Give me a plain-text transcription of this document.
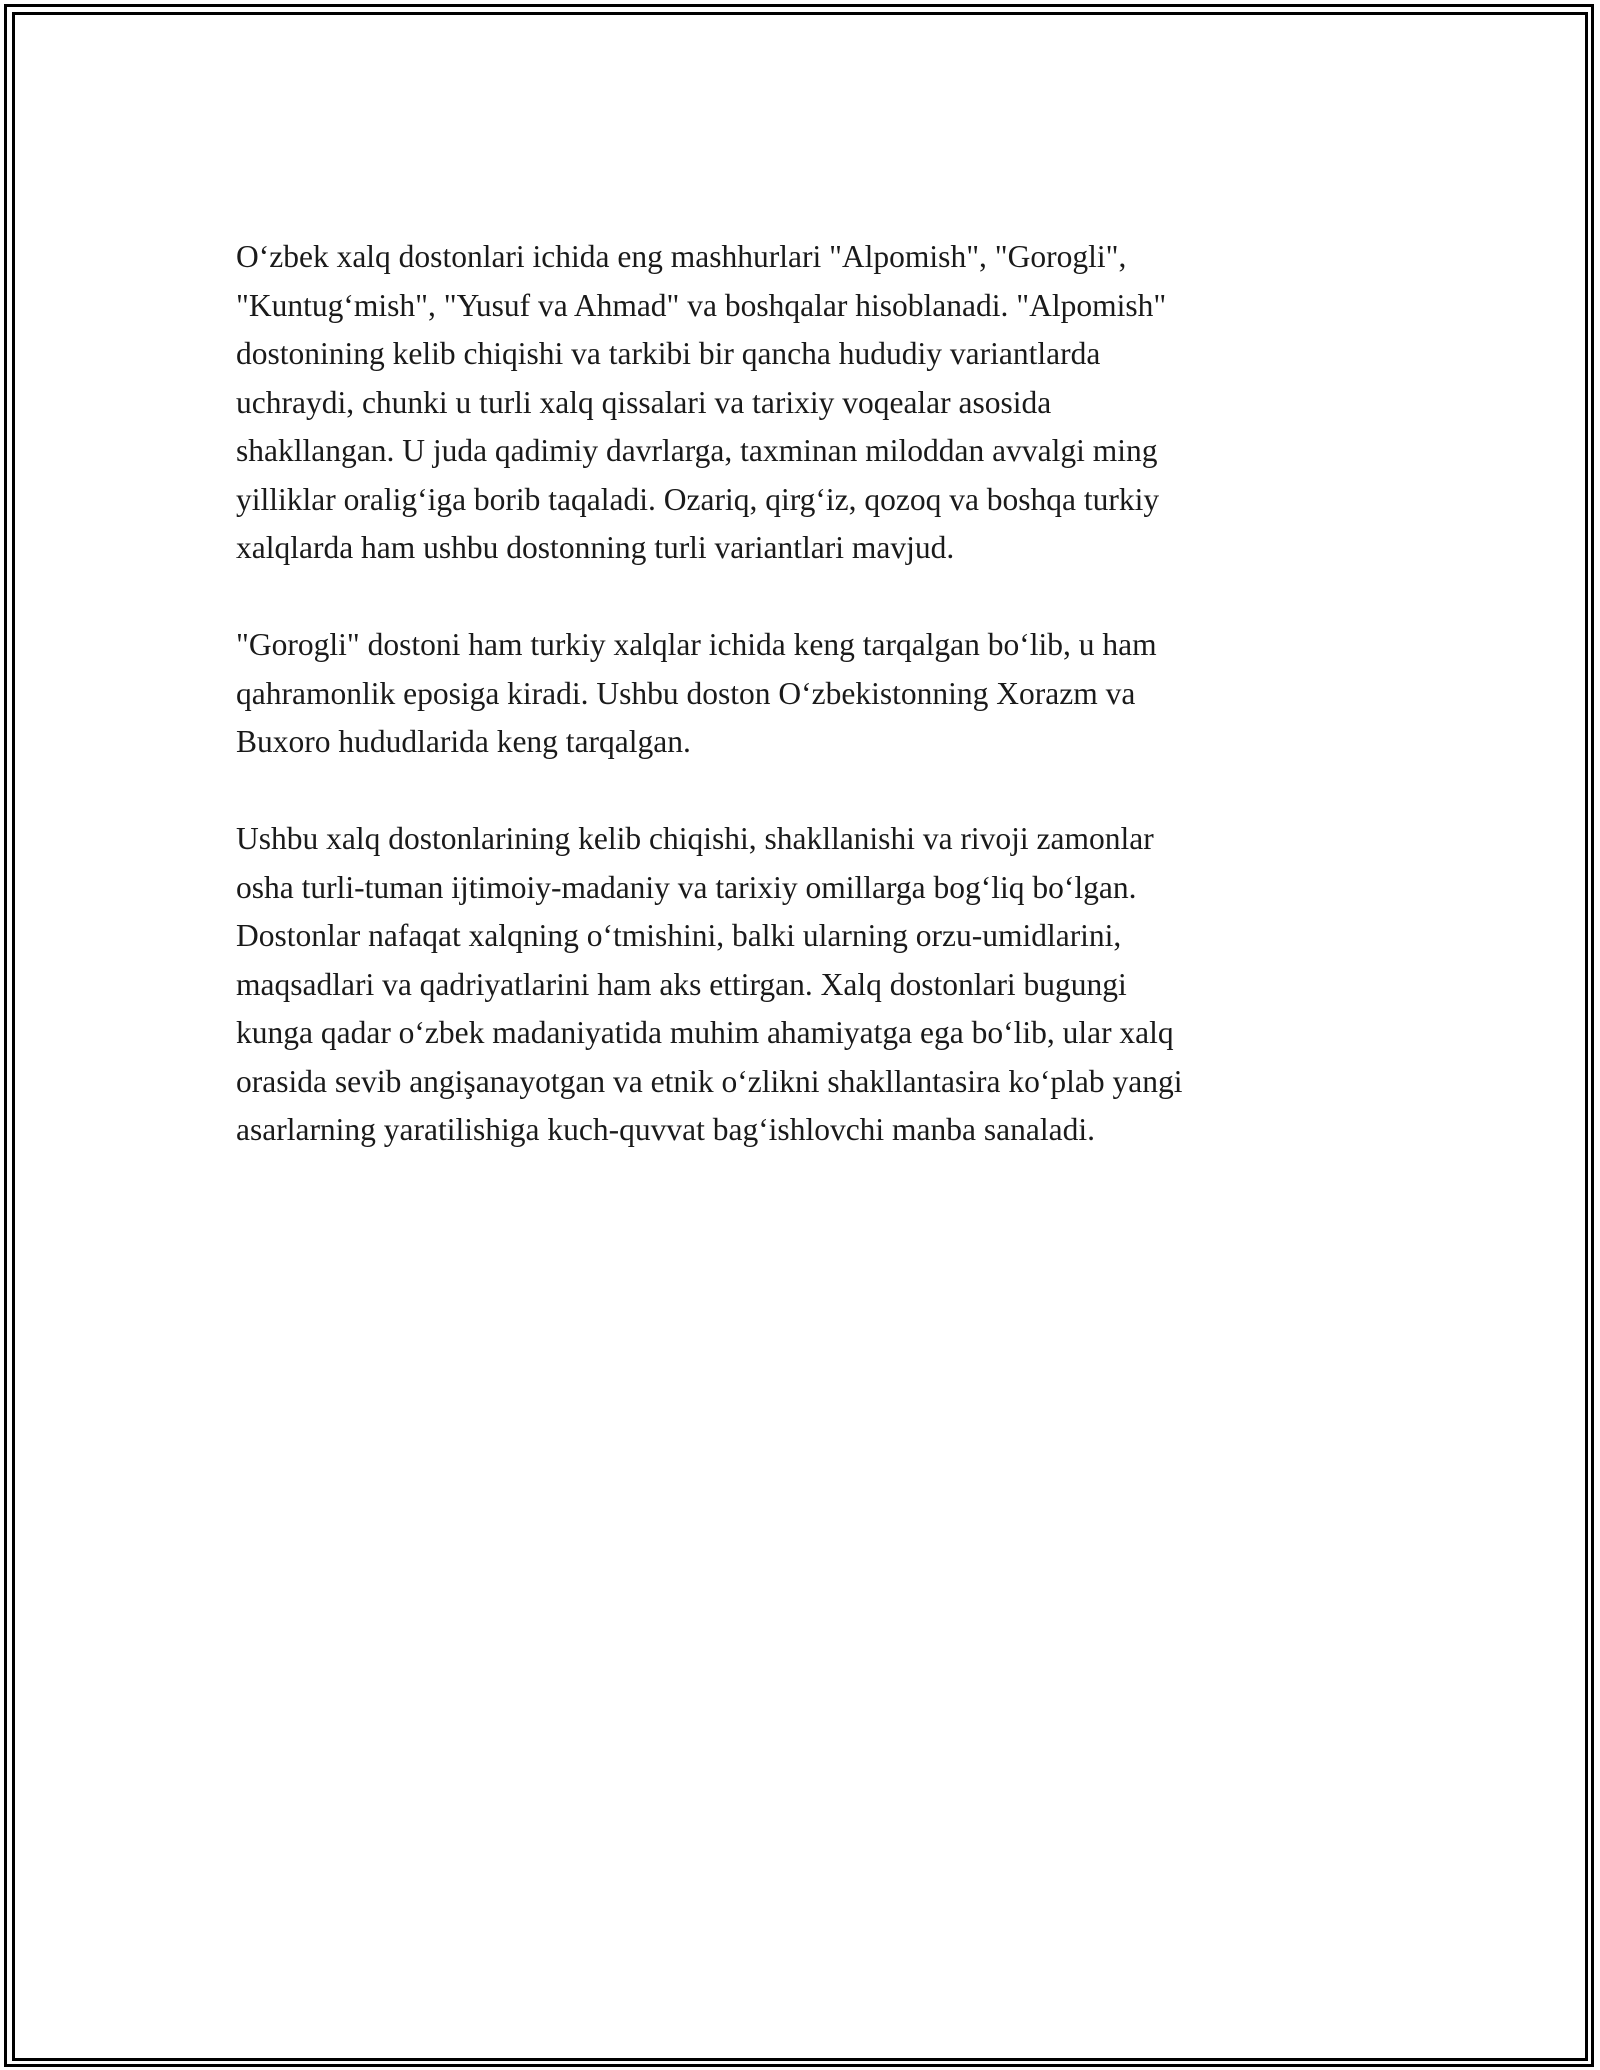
O‘zbek xalq dostonlari ichida eng mashhurlari "Alpomish", "Gorogli",
"Kuntug‘mish", "Yusuf va Ahmad" va boshqalar hisoblanadi. "Alpomish"
dostonining kelib chiqishi va tarkibi bir qancha hududiy variantlarda
uchraydi, chunki u turli xalq qissalari va tarixiy voqealar asosida
shakllangan. U juda qadimiy davrlarga, taxminan miloddan avvalgi ming
yilliklar oralig‘iga borib taqaladi. Ozariq, qirg‘iz, qozoq va boshqa turkiy
xalqlarda ham ushbu dostonning turli variantlari mavjud.

"Gorogli" dostoni ham turkiy xalqlar ichida keng tarqalgan bo‘lib, u ham
qahramonlik eposiga kiradi. Ushbu doston O‘zbekistonning Xorazm va
Buxoro hududlarida keng tarqalgan.

Ushbu xalq dostonlarining kelib chiqishi, shakllanishi va rivoji zamonlar
osha turli-tuman ijtimoiy-madaniy va tarixiy omillarga bog‘liq bo‘lgan.
Dostonlar nafaqat xalqning o‘tmishini, balki ularning orzu-umidlarini,
maqsadlari va qadriyatlarini ham aks ettirgan. Xalq dostonlari bugungi
kunga qadar o‘zbek madaniyatida muhim ahamiyatga ega bo‘lib, ular xalq
orasida sevib angişanayotgan va etnik o‘zlikni shakllantasira ko‘plab yangi
asarlarning yaratilishiga kuch-quvvat bag‘ishlovchi manba sanaladi.
